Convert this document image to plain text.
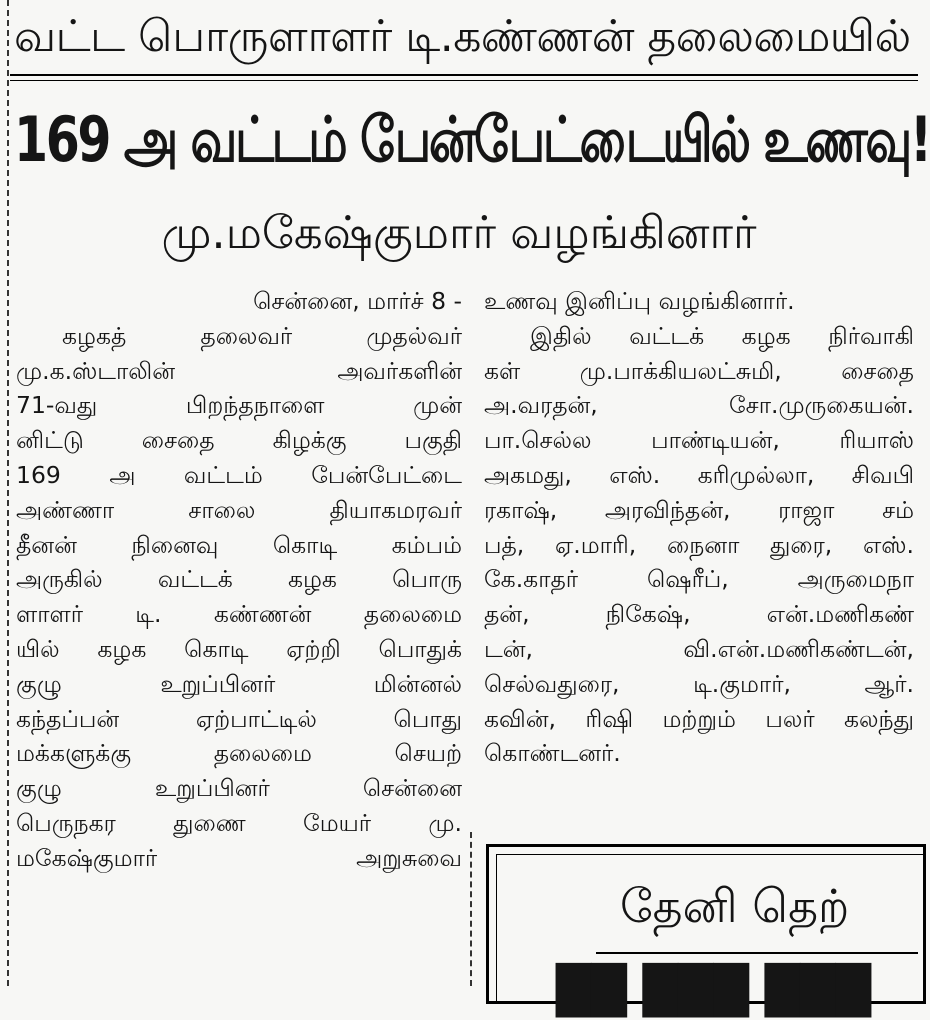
வட்ட பொருளாளர் டி.கண்ணன் தலைமையில்
169 அ வட்டம் பேன்பேட்டையில் உணவு!
மு.மகேஷ்குமார் வழங்கினார்
சென்னை, மார்ச் 8 -
கழகத் தலைவர் முதல்வர்
மு.க.ஸ்டாலின் அவர்களின்
71-வது பிறந்தநாளை முன்
னிட்டு சைதை கிழக்கு பகுதி
169 அ வட்டம் பேன்பேட்டை
அண்ணா சாலை தியாகமரவர்
தீனன் நினைவு கொடி கம்பம்
அருகில் வட்டக் கழக பொரு
ளாளர் டி. கண்ணன் தலைமை
யில் கழக கொடி ஏற்றி பொதுக்
குழு உறுப்பினர் மின்னல்
கந்தப்பன் ஏற்பாட்டில் பொது
மக்களுக்கு தலைமை செயற்
குழு உறுப்பினர் சென்னை
பெருநகர துணை மேயர் மு.
மகேஷ்குமார் அறுசுவை
உணவு இனிப்பு வழங்கினார்.
இதில் வட்டக் கழக நிர்வாகி
கள் மு.பாக்கியலட்சுமி, சைதை
அ.வரதன், சோ.முருகையன்.
பா.செல்ல பாண்டியன், ரியாஸ்
அகமது, எஸ். கரிமுல்லா, சிவபி
ரகாஷ், அரவிந்தன், ராஜா சம்
பத், ஏ.மாரி, நைனா துரை, எஸ்.
கே.காதர் ஷெரீப், அருமைநா
தன், நிகேஷ், என்.மணிகண்
டன், வி.என்.மணிகண்டன்,
செல்வதுரை, டி.குமார், ஆர்.
கவின், ரிஷி மற்றும் பலர் கலந்து
கொண்டனர்.
தேனி தெற்
██ ███ ███
